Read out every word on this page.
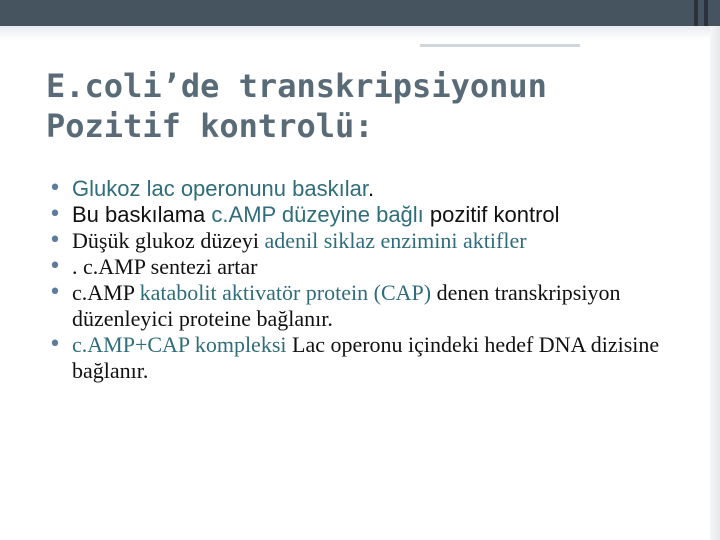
E.coli’de transkripsiyonun
Pozitif kontrolü:
• Glukoz lac operonunu baskılar.
• Bu baskılama c.AMP düzeyine bağlı pozitif kontrol
• Düşük glukoz düzeyi adenil siklaz enzimini aktifler
• . c.AMP sentezi artar
• c.AMP katabolit aktivatör protein (CAP) denen transkripsiyon düzenleyici proteine bağlanır.
• c.AMP+CAP kompleksi Lac operonu içindeki hedef DNA dizisine bağlanır.
